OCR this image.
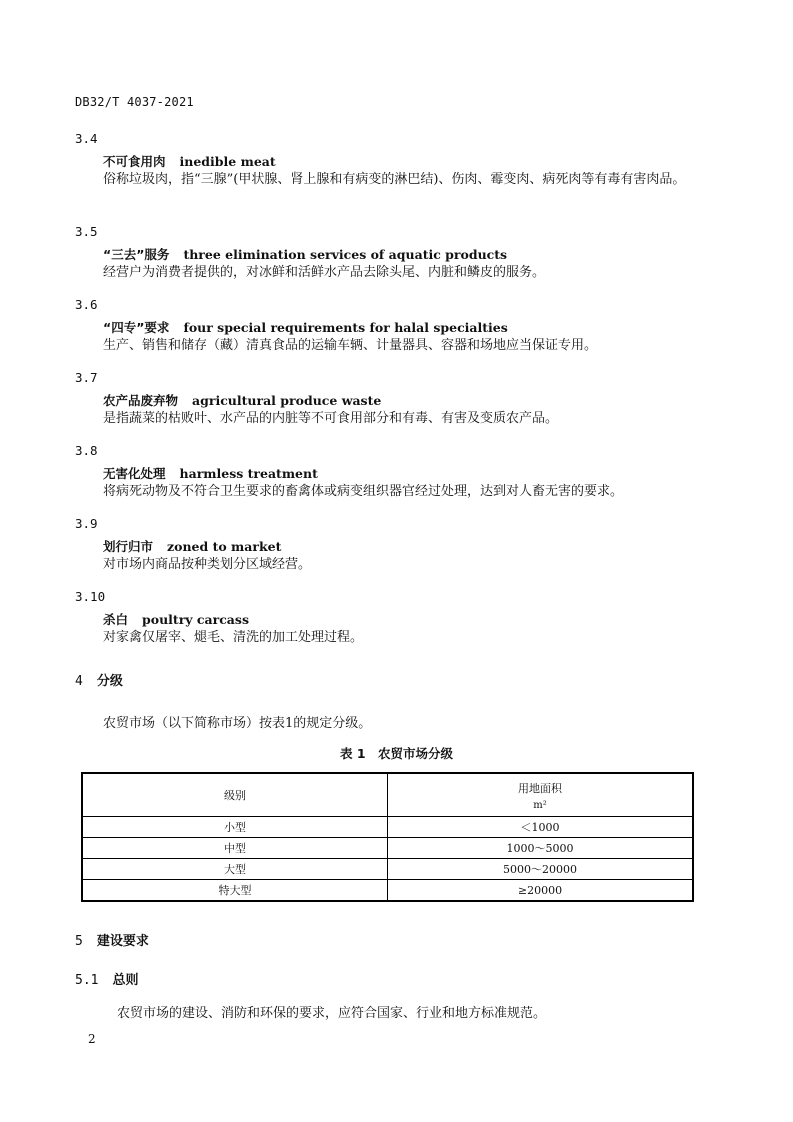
DB32/T 4037-2021
3.4
不可食用肉 inedible meat
俗称垃圾肉，指“三腺”(甲状腺、肾上腺和有病变的淋巴结)、伤肉、霉变肉、病死肉等有毒有害肉品。
3.5
“三去”服务 three elimination services of aquatic products
经营户为消费者提供的，对冰鲜和活鲜水产品去除头尾、内脏和鳞皮的服务。
3.6
“四专”要求 four special requirements for halal specialties
生产、销售和储存（藏）清真食品的运输车辆、计量器具、容器和场地应当保证专用。
3.7
农产品废弃物 agricultural produce waste
是指蔬菜的枯败叶、水产品的内脏等不可食用部分和有毒、有害及变质农产品。
3.8
无害化处理 harmless treatment
将病死动物及不符合卫生要求的畜禽体或病变组织器官经过处理，达到对人畜无害的要求。
3.9
划行归市 zoned to market
对市场内商品按种类划分区域经营。
3.10
杀白 poultry carcass
对家禽仅屠宰、煺毛、清洗的加工处理过程。
4 分级
农贸市场（以下简称市场）按表1的规定分级。
表 1　农贸市场分级
级别	用地面积
m²

小型	＜1000
中型	1000～5000
大型	5000～20000
特大型	≥20000
5 建设要求
5.1 总则
农贸市场的建设、消防和环保的要求，应符合国家、行业和地方标准规范。
2
